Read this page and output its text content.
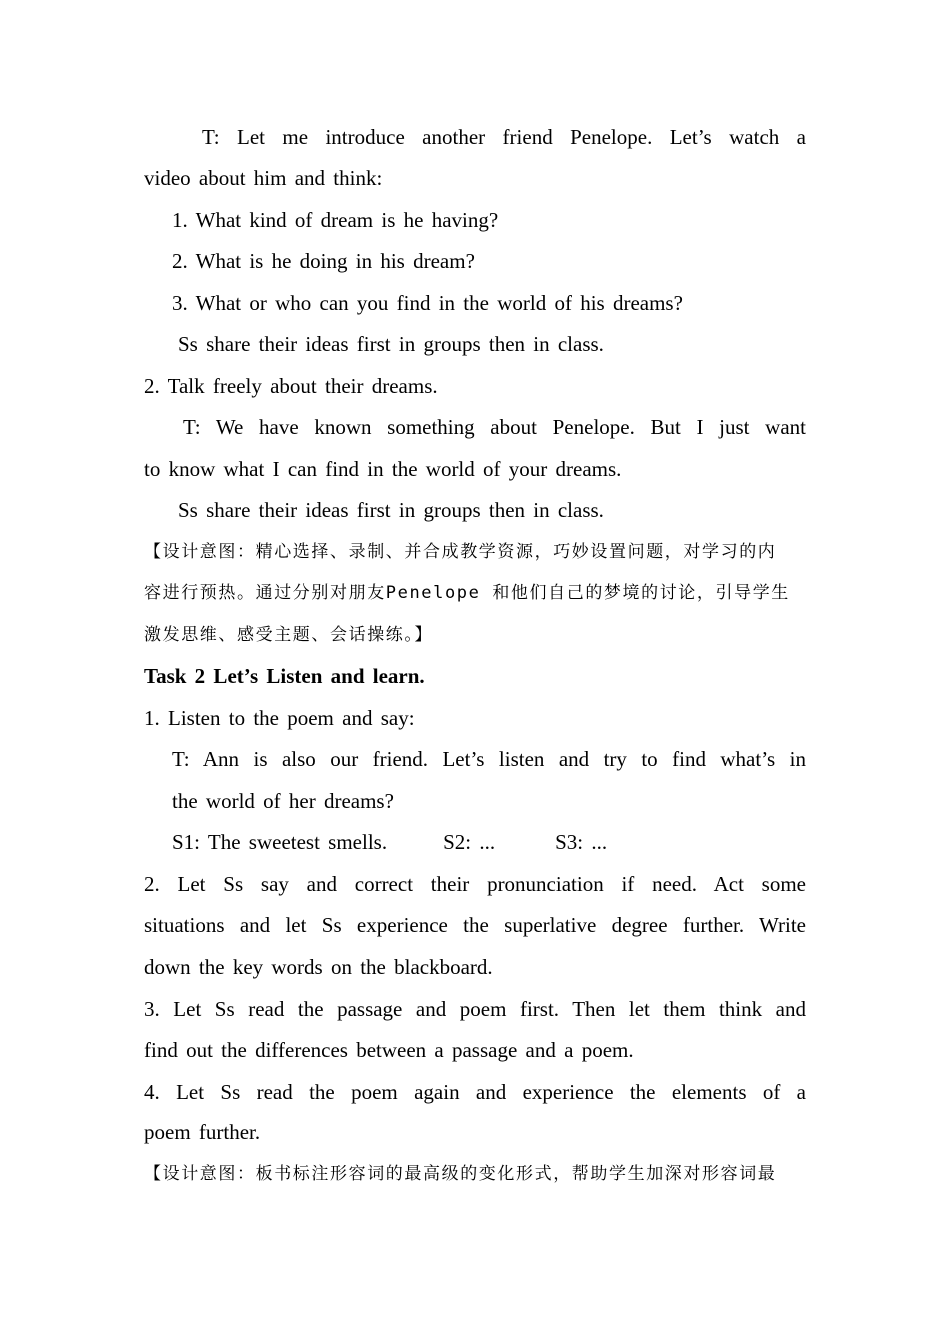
T: Let me introduce another friend Penelope. Let’s watch a
video about him and think:
1. What kind of dream is he having?
2. What is he doing in his dream?
3. What or who can you find in the world of his dreams?
Ss share their ideas first in groups then in class.
2. Talk freely about their dreams.
T: We have known something about Penelope. But I just want
to know what I can find in the world of your dreams.
Ss share their ideas first in groups then in class.
【设计意图：精心选择、录制、并合成教学资源，巧妙设置问题，对学习的内
容进行预热。通过分别对朋友Penelope 和他们自己的梦境的讨论，引导学生
激发思维、感受主题、会话操练。】
Task 2 Let’s Listen and learn.
1. Listen to the poem and say:
T: Ann is also our friend. Let’s listen and try to find what’s in
the world of her dreams?
S1: The sweetest smells.	S2: ...	S3: ...
2. Let Ss say and correct their pronunciation if need. Act some
situations and let Ss experience the superlative degree further. Write
down the key words on the blackboard.
3. Let Ss read the passage and poem first. Then let them think and
find out the differences between a passage and a poem.
4. Let Ss read the poem again and experience the elements of a
poem further.
【设计意图：板书标注形容词的最高级的变化形式，帮助学生加深对形容词最
